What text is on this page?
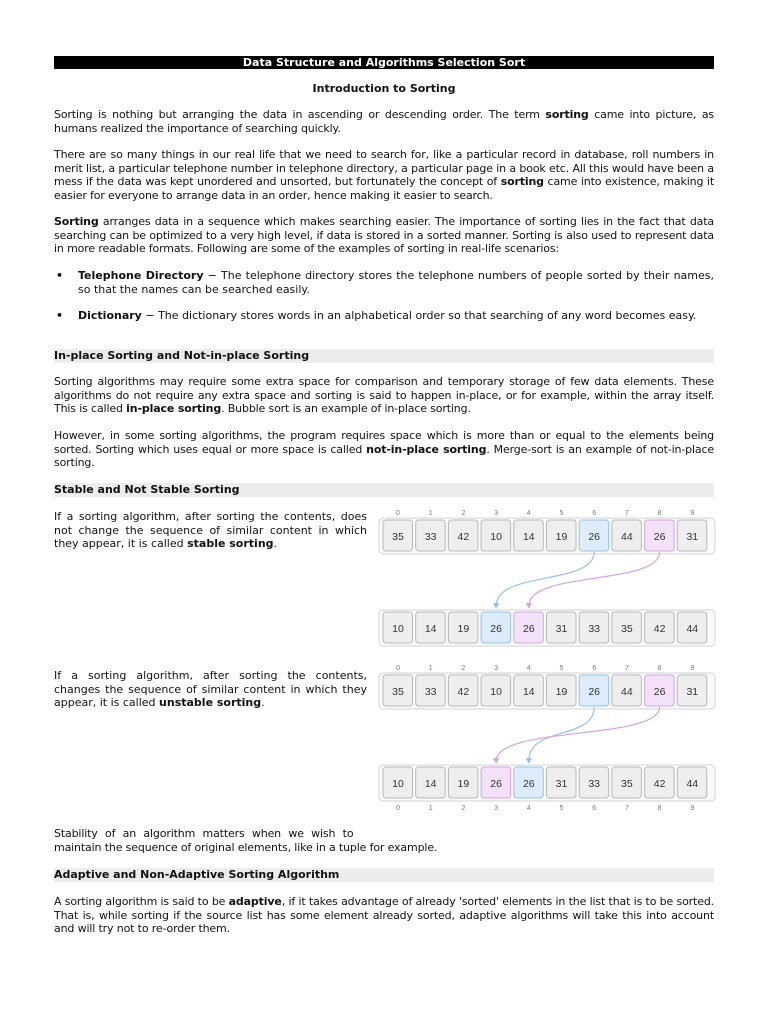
Data Structure and Algorithms Selection Sort
Introduction to Sorting
Sorting is nothing but arranging the data in ascending or descending order. The term sorting came into picture, as humans realized the importance of searching quickly.
There are so many things in our real life that we need to search for, like a particular record in database, roll numbers in merit list, a particular telephone number in telephone directory, a particular page in a book etc. All this would have been a mess if the data was kept unordered and unsorted, but fortunately the concept of sorting came into existence, making it easier for everyone to arrange data in an order, hence making it easier to search.
Sorting arranges data in a sequence which makes searching easier. The importance of sorting lies in the fact that data searching can be optimized to a very high level, if data is stored in a sorted manner. Sorting is also used to represent data in more readable formats. Following are some of the examples of sorting in real-life scenarios:
• Telephone Directory − The telephone directory stores the telephone numbers of people sorted by their names, so that the names can be searched easily.
• Dictionary − The dictionary stores words in an alphabetical order so that searching of any word becomes easy.
In-place Sorting and Not-in-place Sorting
Sorting algorithms may require some extra space for comparison and temporary storage of few data elements. These algorithms do not require any extra space and sorting is said to happen in-place, or for example, within the array itself. This is called in-place sorting. Bubble sort is an example of in-place sorting.
However, in some sorting algorithms, the program requires space which is more than or equal to the elements being sorted. Sorting which uses equal or more space is called not-in-place sorting. Merge-sort is an example of not-in-place sorting.
Stable and Not Stable Sorting
If a sorting algorithm, after sorting the contents, does not change the sequence of similar content in which they appear, it is called stable sorting.
0	1	2	3	4	5	6	7	8	9
35 33 42 10 14 19 26 44 26 31
10 14 19 26 26 31 33 35 42 44
If a sorting algorithm, after sorting the contents, changes the sequence of similar content in which they appear, it is called unstable sorting.
0
0
1
1
2
2
3
3
4
4
5
5
6
6
7
7
8
8
9
9
35 33 42 10 14 19 26 44 26 31
10 14 19 26 26 31 33 35 42 44
Stability of an algorithm matters when we wish to
maintain the sequence of original elements, like in a tuple for example.
Adaptive and Non-Adaptive Sorting Algorithm
A sorting algorithm is said to be adaptive, if it takes advantage of already 'sorted' elements in the list that is to be sorted. That is, while sorting if the source list has some element already sorted, adaptive algorithms will take this into account and will try not to re-order them.
